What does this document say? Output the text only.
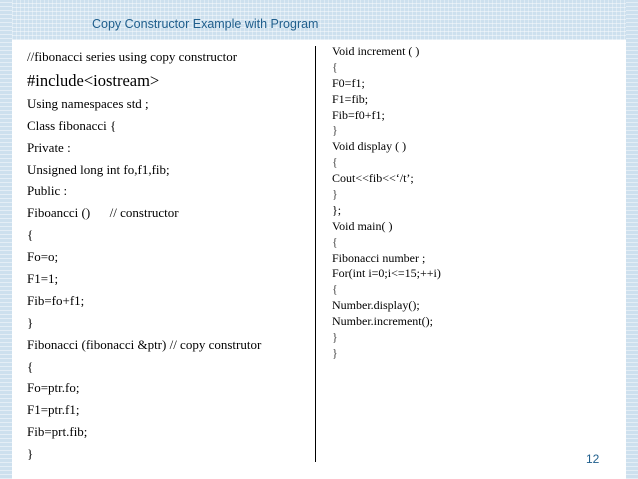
Copy Constructor Example with Program
//fibonacci series using copy constructor
#include<iostream>
Using namespaces std ;
Class fibonacci {
Private :
Unsigned long int fo,f1,fib;
Public :
Fiboancci ()      // constructor
{
Fo=o;
F1=1;
Fib=fo+f1;
}
Fibonacci (fibonacci &ptr) // copy construtor
{
Fo=ptr.fo;
F1=ptr.f1;
Fib=prt.fib;
}
Void increment ( )
{
F0=f1;
F1=fib;
Fib=f0+f1;
}
Void display ( )
{
Cout<<fib<<‘/t’;
}
};
Void main( )
{
Fibonacci number ;
For(int i=0;i<=15;++i)
{
Number.display();
Number.increment();
}
}
12
